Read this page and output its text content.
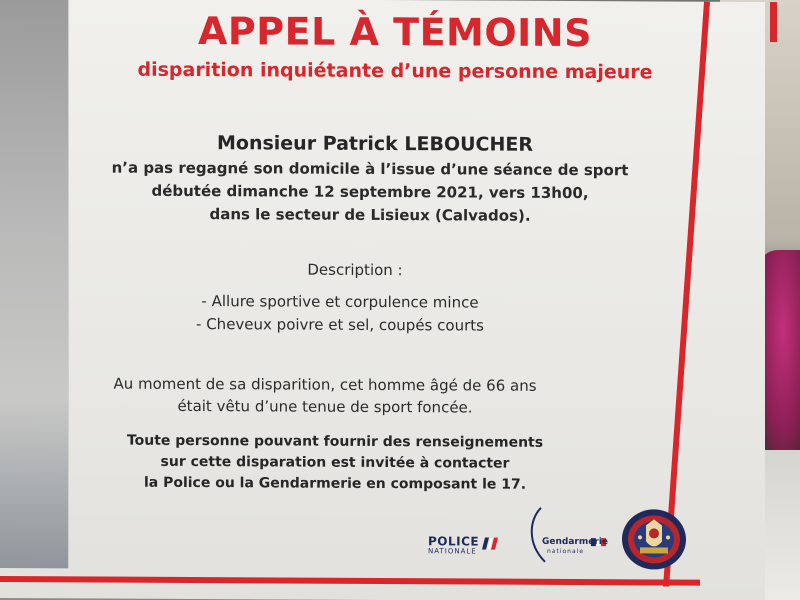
APPEL À TÉMOINS
disparition inquiétante d’une personne majeure
Monsieur Patrick LEBOUCHER
n’a pas regagné son domicile à l’issue d’une séance de sport
débutée dimanche 12 septembre 2021, vers 13h00,
dans le secteur de Lisieux (Calvados).
Description :
- Allure sportive et corpulence mince
- Cheveux poivre et sel, coupés courts
Au moment de sa disparition, cet homme âgé de 66 ans
était vêtu d’une tenue de sport foncée.
Toute personne pouvant fournir des renseignements
sur cette disparation est invitée à contacter
la Police ou la Gendarmerie en composant le 17.
POLICE
NATIONALE
Gendarmerie
nationale
